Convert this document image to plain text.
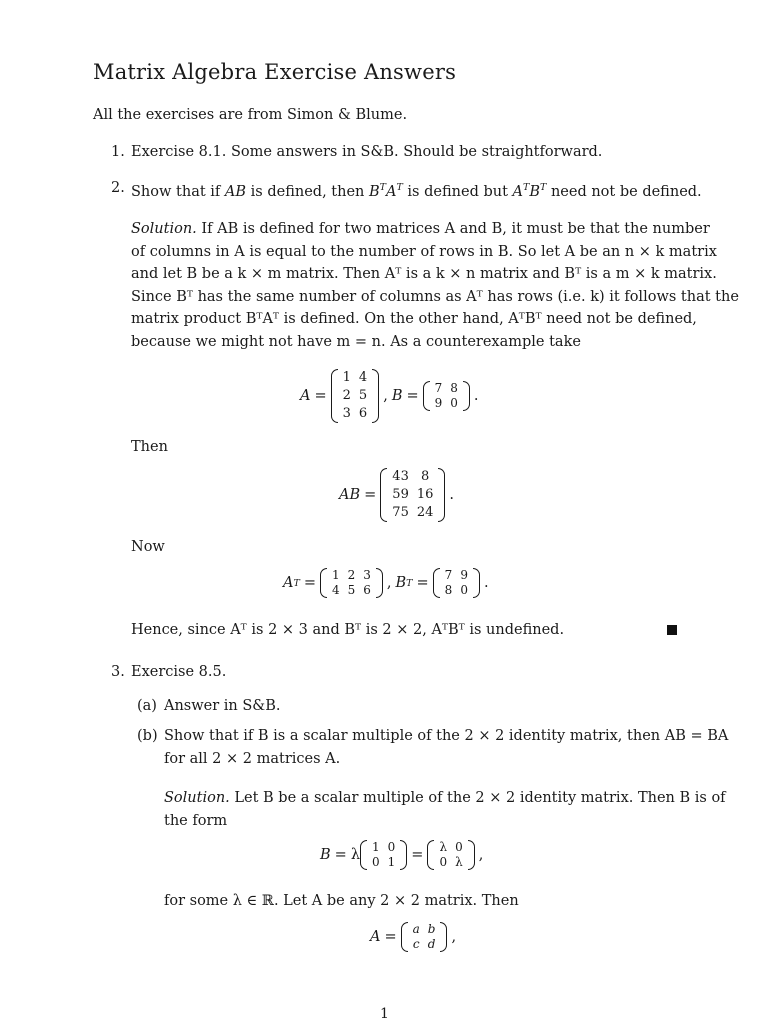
Matrix Algebra Exercise Answers
All the exercises are from Simon & Blume.
1. Exercise 8.1. Some answers in S&B. Should be straightforward.
2. Show that if AB is defined, then $B^TA^T$ is defined but $A^TB^T$ need not be defined.
Solution. If AB is defined for two matrices A and B, it must be that the number
of columns in A is equal to the number of rows in B. So let A be an n × k matrix
and let B be a k × m matrix. Then Aᵀ is a k × n matrix and Bᵀ is a m × k matrix.
Since Bᵀ has the same number of columns as Aᵀ has rows (i.e. k) it follows that the
matrix product BᵀAᵀ is defined. On the other hand, AᵀBᵀ need not be defined,
because we might not have m = n. As a counterexample take
A =
1	4
2	5
3	6
, B = 7	8
9	0 .
Then
AB =
43	8
59	16
75	24
.
Now
A T = 1	2	3
4	5	6 , B T = 7	9
8	0 .
Hence, since Aᵀ is 2 × 3 and Bᵀ is 2 × 2, AᵀBᵀ is undefined.
3. Exercise 8.5.
(a) Answer in S&B.
(b) Show that if B is a scalar multiple of the 2 × 2 identity matrix, then AB = BA
for all 2 × 2 matrices A.
Solution. Let B be a scalar multiple of the 2 × 2 identity matrix. Then B is of
the form
B = λ 1	0
0	1 = λ	0
0	λ ,
for some λ ∈ ℝ. Let A be any 2 × 2 matrix. Then
A = a	b
c	d ,
1
